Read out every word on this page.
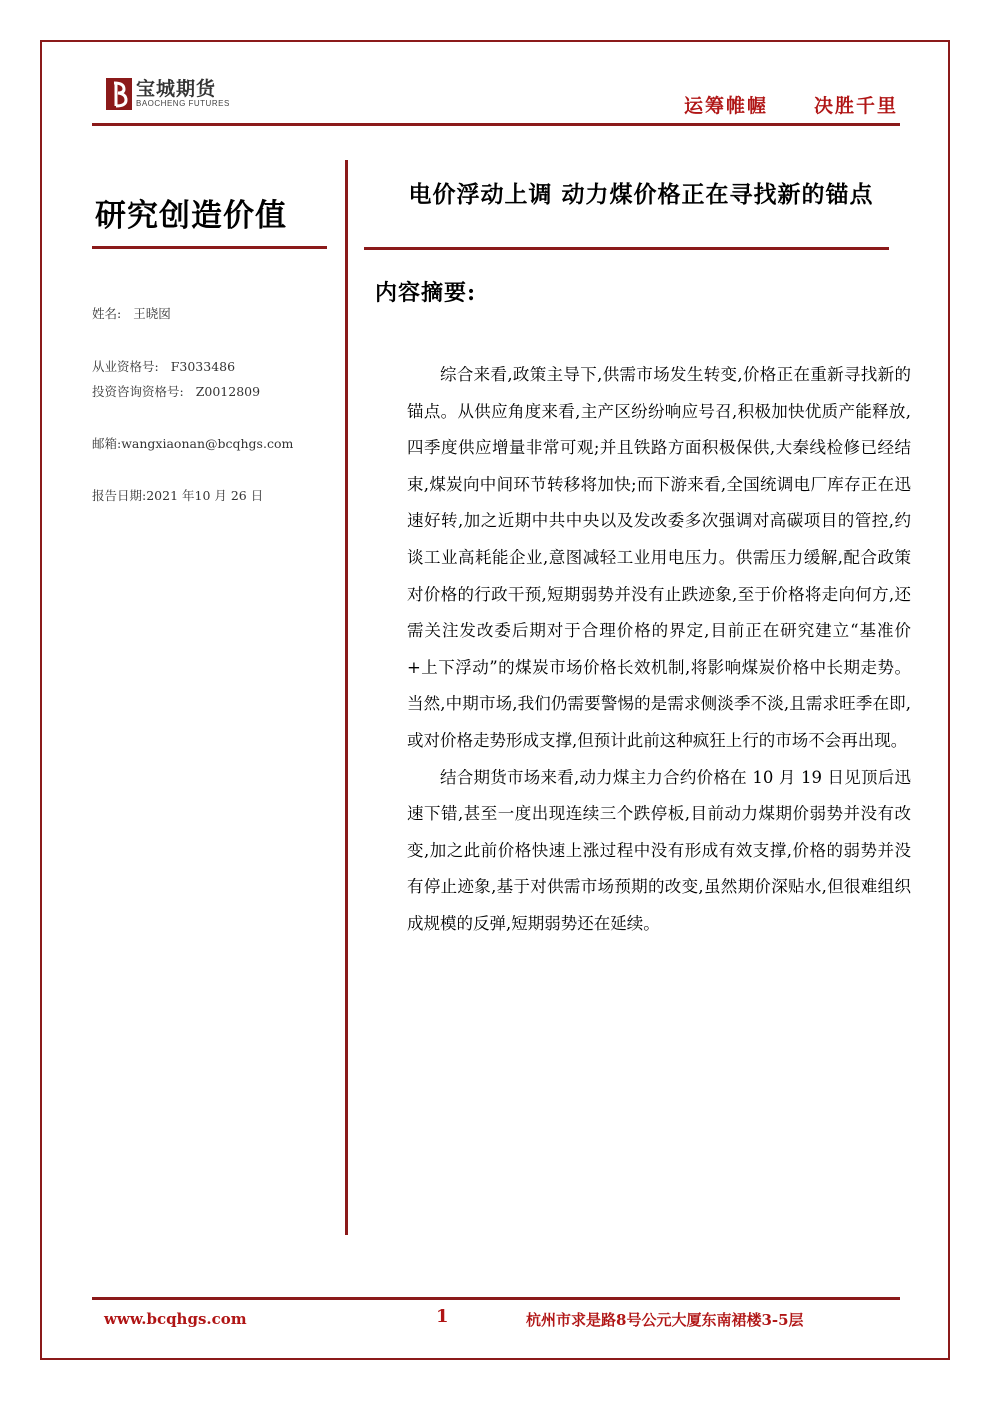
宝城期货
BAOCHENG FUTURES	运筹帷幄 决胜千里
研究创造价值
姓名: 王晓囡
从业资格号: F3033486
投资咨询资格号: Z0012809
邮箱:wangxiaonan@bcqhgs.com
报告日期:2021 年10 月 26 日
电价浮动上调 动力煤价格正在寻找新的锚点
内容摘要:

综合来看,政策主导下,供需市场发生转变,价格正在重新寻找新的锚点。从供应角度来看,主产区纷纷响应号召,积极加快优质产能释放,四季度供应增量非常可观;并且铁路方面积极保供,大秦线检修已经结束,煤炭向中间环节转移将加快;而下游来看,全国统调电厂库存正在迅速好转,加之近期中共中央以及发改委多次强调对高碳项目的管控,约谈工业高耗能企业,意图减轻工业用电压力。供需压力缓解,配合政策对价格的行政干预,短期弱势并没有止跌迹象,至于价格将走向何方,还需关注发改委后期对于合理价格的界定,目前正在研究建立“基准价+上下浮动”的煤炭市场价格长效机制,将影响煤炭价格中长期走势。当然,中期市场,我们仍需要警惕的是需求侧淡季不淡,且需求旺季在即,或对价格走势形成支撑,但预计此前这种疯狂上行的市场不会再出现。

结合期货市场来看,动力煤主力合约价格在 10 月 19 日见顶后迅速下错,甚至一度出现连续三个跌停板,目前动力煤期价弱势并没有改变,加之此前价格快速上涨过程中没有形成有效支撑,价格的弱势并没有停止迹象,基于对供需市场预期的改变,虽然期价深贴水,但很难组织成规模的反弹,短期弱势还在延续。

www.bcqhgs.com	1	杭州市求是路8号公元大厦东南裙楼3-5层
